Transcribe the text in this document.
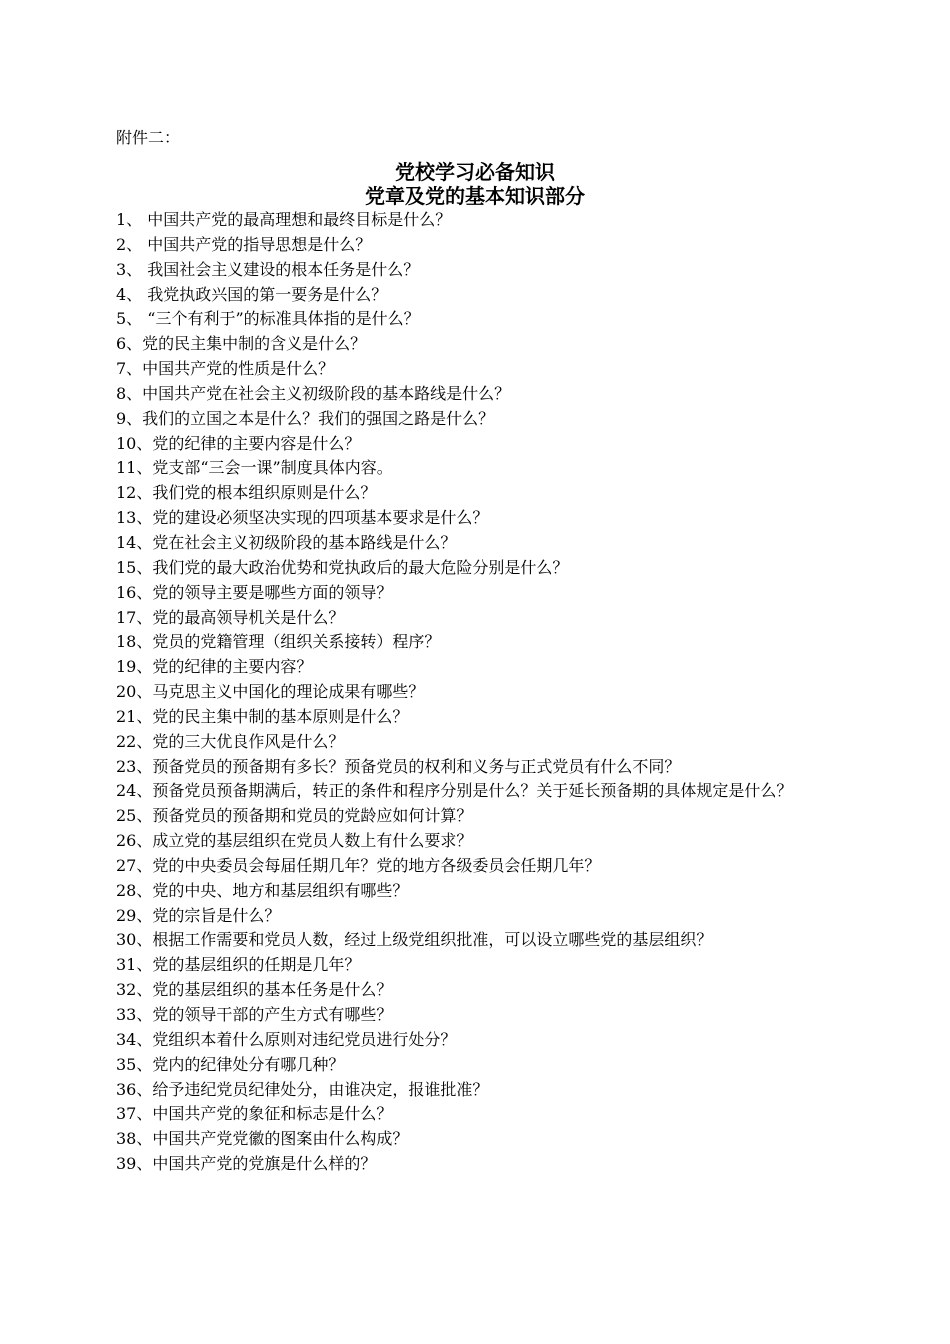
附件二：
党校学习必备知识
党章及党的基本知识部分
1、 中国共产党的最高理想和最终目标是什么？
2、 中国共产党的指导思想是什么？
3、 我国社会主义建设的根本任务是什么？
4、 我党执政兴国的第一要务是什么？
5、 “三个有利于”的标准具体指的是什么？
6、党的民主集中制的含义是什么？
7、中国共产党的性质是什么？
8、中国共产党在社会主义初级阶段的基本路线是什么？
9、我们的立国之本是什么？我们的强国之路是什么？
10、党的纪律的主要内容是什么？
11、党支部“三会一课”制度具体内容。
12、我们党的根本组织原则是什么？
13、党的建设必须坚决实现的四项基本要求是什么？
14、党在社会主义初级阶段的基本路线是什么？
15、我们党的最大政治优势和党执政后的最大危险分别是什么？
16、党的领导主要是哪些方面的领导？
17、党的最高领导机关是什么？
18、党员的党籍管理（组织关系接转）程序？
19、党的纪律的主要内容？
20、马克思主义中国化的理论成果有哪些？
21、党的民主集中制的基本原则是什么？
22、党的三大优良作风是什么？
23、预备党员的预备期有多长？预备党员的权利和义务与正式党员有什么不同？
24、预备党员预备期满后，转正的条件和程序分别是什么？关于延长预备期的具体规定是什么？
25、预备党员的预备期和党员的党龄应如何计算？
26、成立党的基层组织在党员人数上有什么要求？
27、党的中央委员会每届任期几年？党的地方各级委员会任期几年？
28、党的中央、地方和基层组织有哪些？
29、党的宗旨是什么？
30、根据工作需要和党员人数，经过上级党组织批准，可以设立哪些党的基层组织？
31、党的基层组织的任期是几年？
32、党的基层组织的基本任务是什么？
33、党的领导干部的产生方式有哪些？
34、党组织本着什么原则对违纪党员进行处分？
35、党内的纪律处分有哪几种？
36、给予违纪党员纪律处分，由谁决定，报谁批准？
37、中国共产党的象征和标志是什么？
38、中国共产党党徽的图案由什么构成？
39、中国共产党的党旗是什么样的？
